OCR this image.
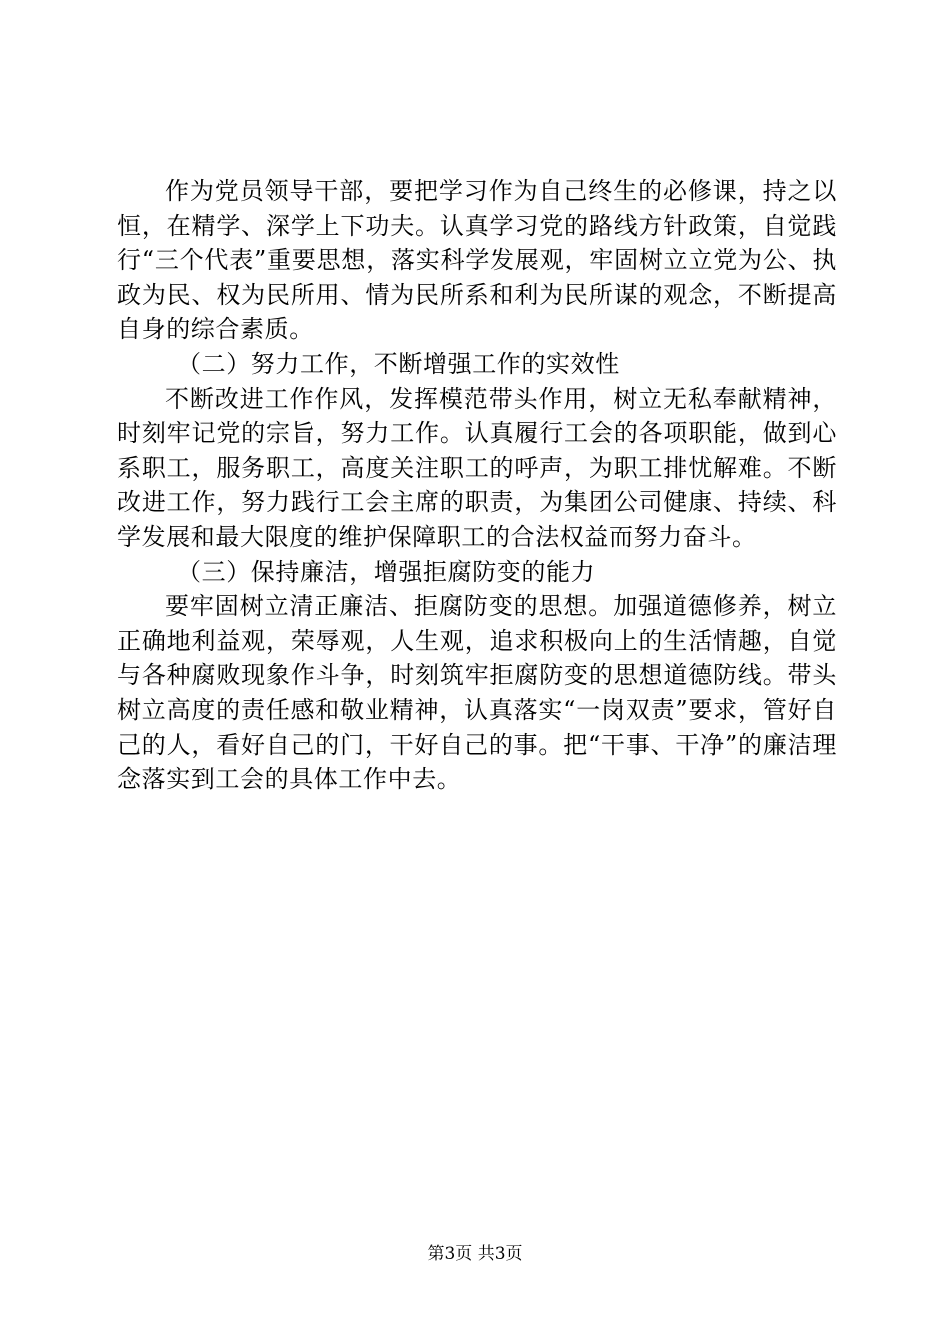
作为党员领导干部，要把学习作为自己终生的必修课，持之以恒，在精学、深学上下功夫。认真学习党的路线方针政策，自觉践行“三个代表”重要思想，落实科学发展观，牢固树立立党为公、执政为民、权为民所用、情为民所系和利为民所谋的观念，不断提高自身的综合素质。

（二）努力工作，不断增强工作的实效性

不断改进工作作风，发挥模范带头作用，树立无私奉献精神，时刻牢记党的宗旨，努力工作。认真履行工会的各项职能，做到心系职工，服务职工，高度关注职工的呼声，为职工排忧解难。不断改进工作，努力践行工会主席的职责，为集团公司健康、持续、科学发展和最大限度的维护保障职工的合法权益而努力奋斗。

（三）保持廉洁，增强拒腐防变的能力

要牢固树立清正廉洁、拒腐防变的思想。加强道德修养，树立正确地利益观，荣辱观，人生观，追求积极向上的生活情趣，自觉与各种腐败现象作斗争，时刻筑牢拒腐防变的思想道德防线。带头树立高度的责任感和敬业精神，认真落实“一岗双责”要求，管好自己的人，看好自己的门，干好自己的事。把“干事、干净”的廉洁理念落实到工会的具体工作中去。

第3页 共3页
